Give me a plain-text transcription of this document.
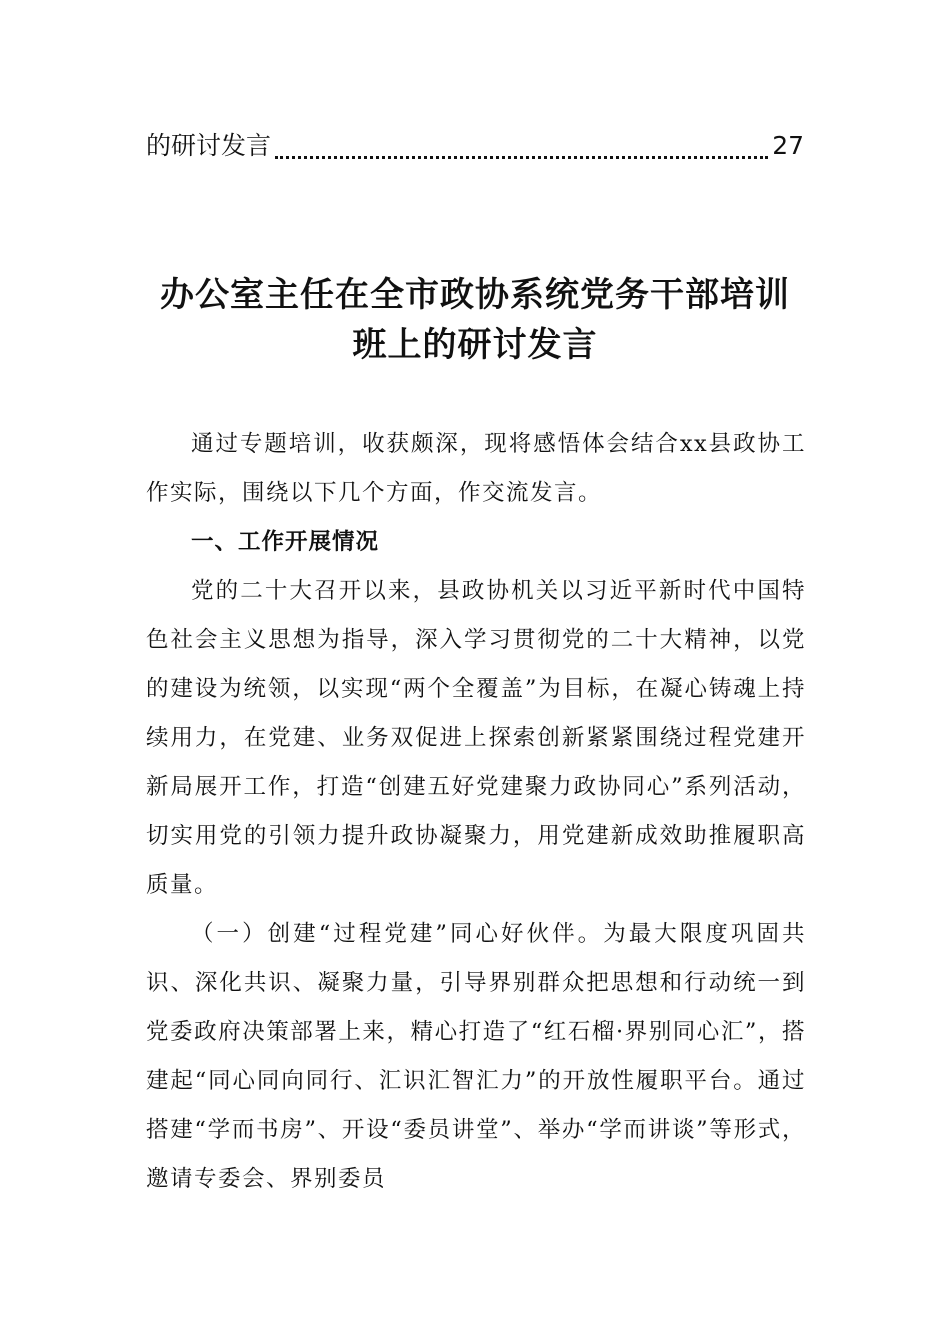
的研讨发言	27
办公室主任在全市政协系统党务干部培训
班上的研讨发言

通过专题培训，收获颇深，现将感悟体会结合xx县政协工作实际，围绕以下几个方面，作交流发言。

一、工作开展情况

党的二十大召开以来，县政协机关以习近平新时代中国特色社会主义思想为指导，深入学习贯彻党的二十大精神，以党的建设为统领，以实现“两个全覆盖”为目标，在凝心铸魂上持续用力，在党建、业务双促进上探索创新紧紧围绕过程党建开新局展开工作，打造“创建五好党建聚力政协同心”系列活动，切实用党的引领力提升政协凝聚力，用党建新成效助推履职高质量。

（一）创建“过程党建”同心好伙伴。为最大限度巩固共识、深化共识、凝聚力量，引导界别群众把思想和行动统一到党委政府决策部署上来，精心打造了“红石榴·界别同心汇”，搭建起“同心同向同行、汇识汇智汇力”的开放性履职平台。通过搭建“学而书房”、开设“委员讲堂”、举办“学而讲谈”等形式，邀请专委会、界别委员
